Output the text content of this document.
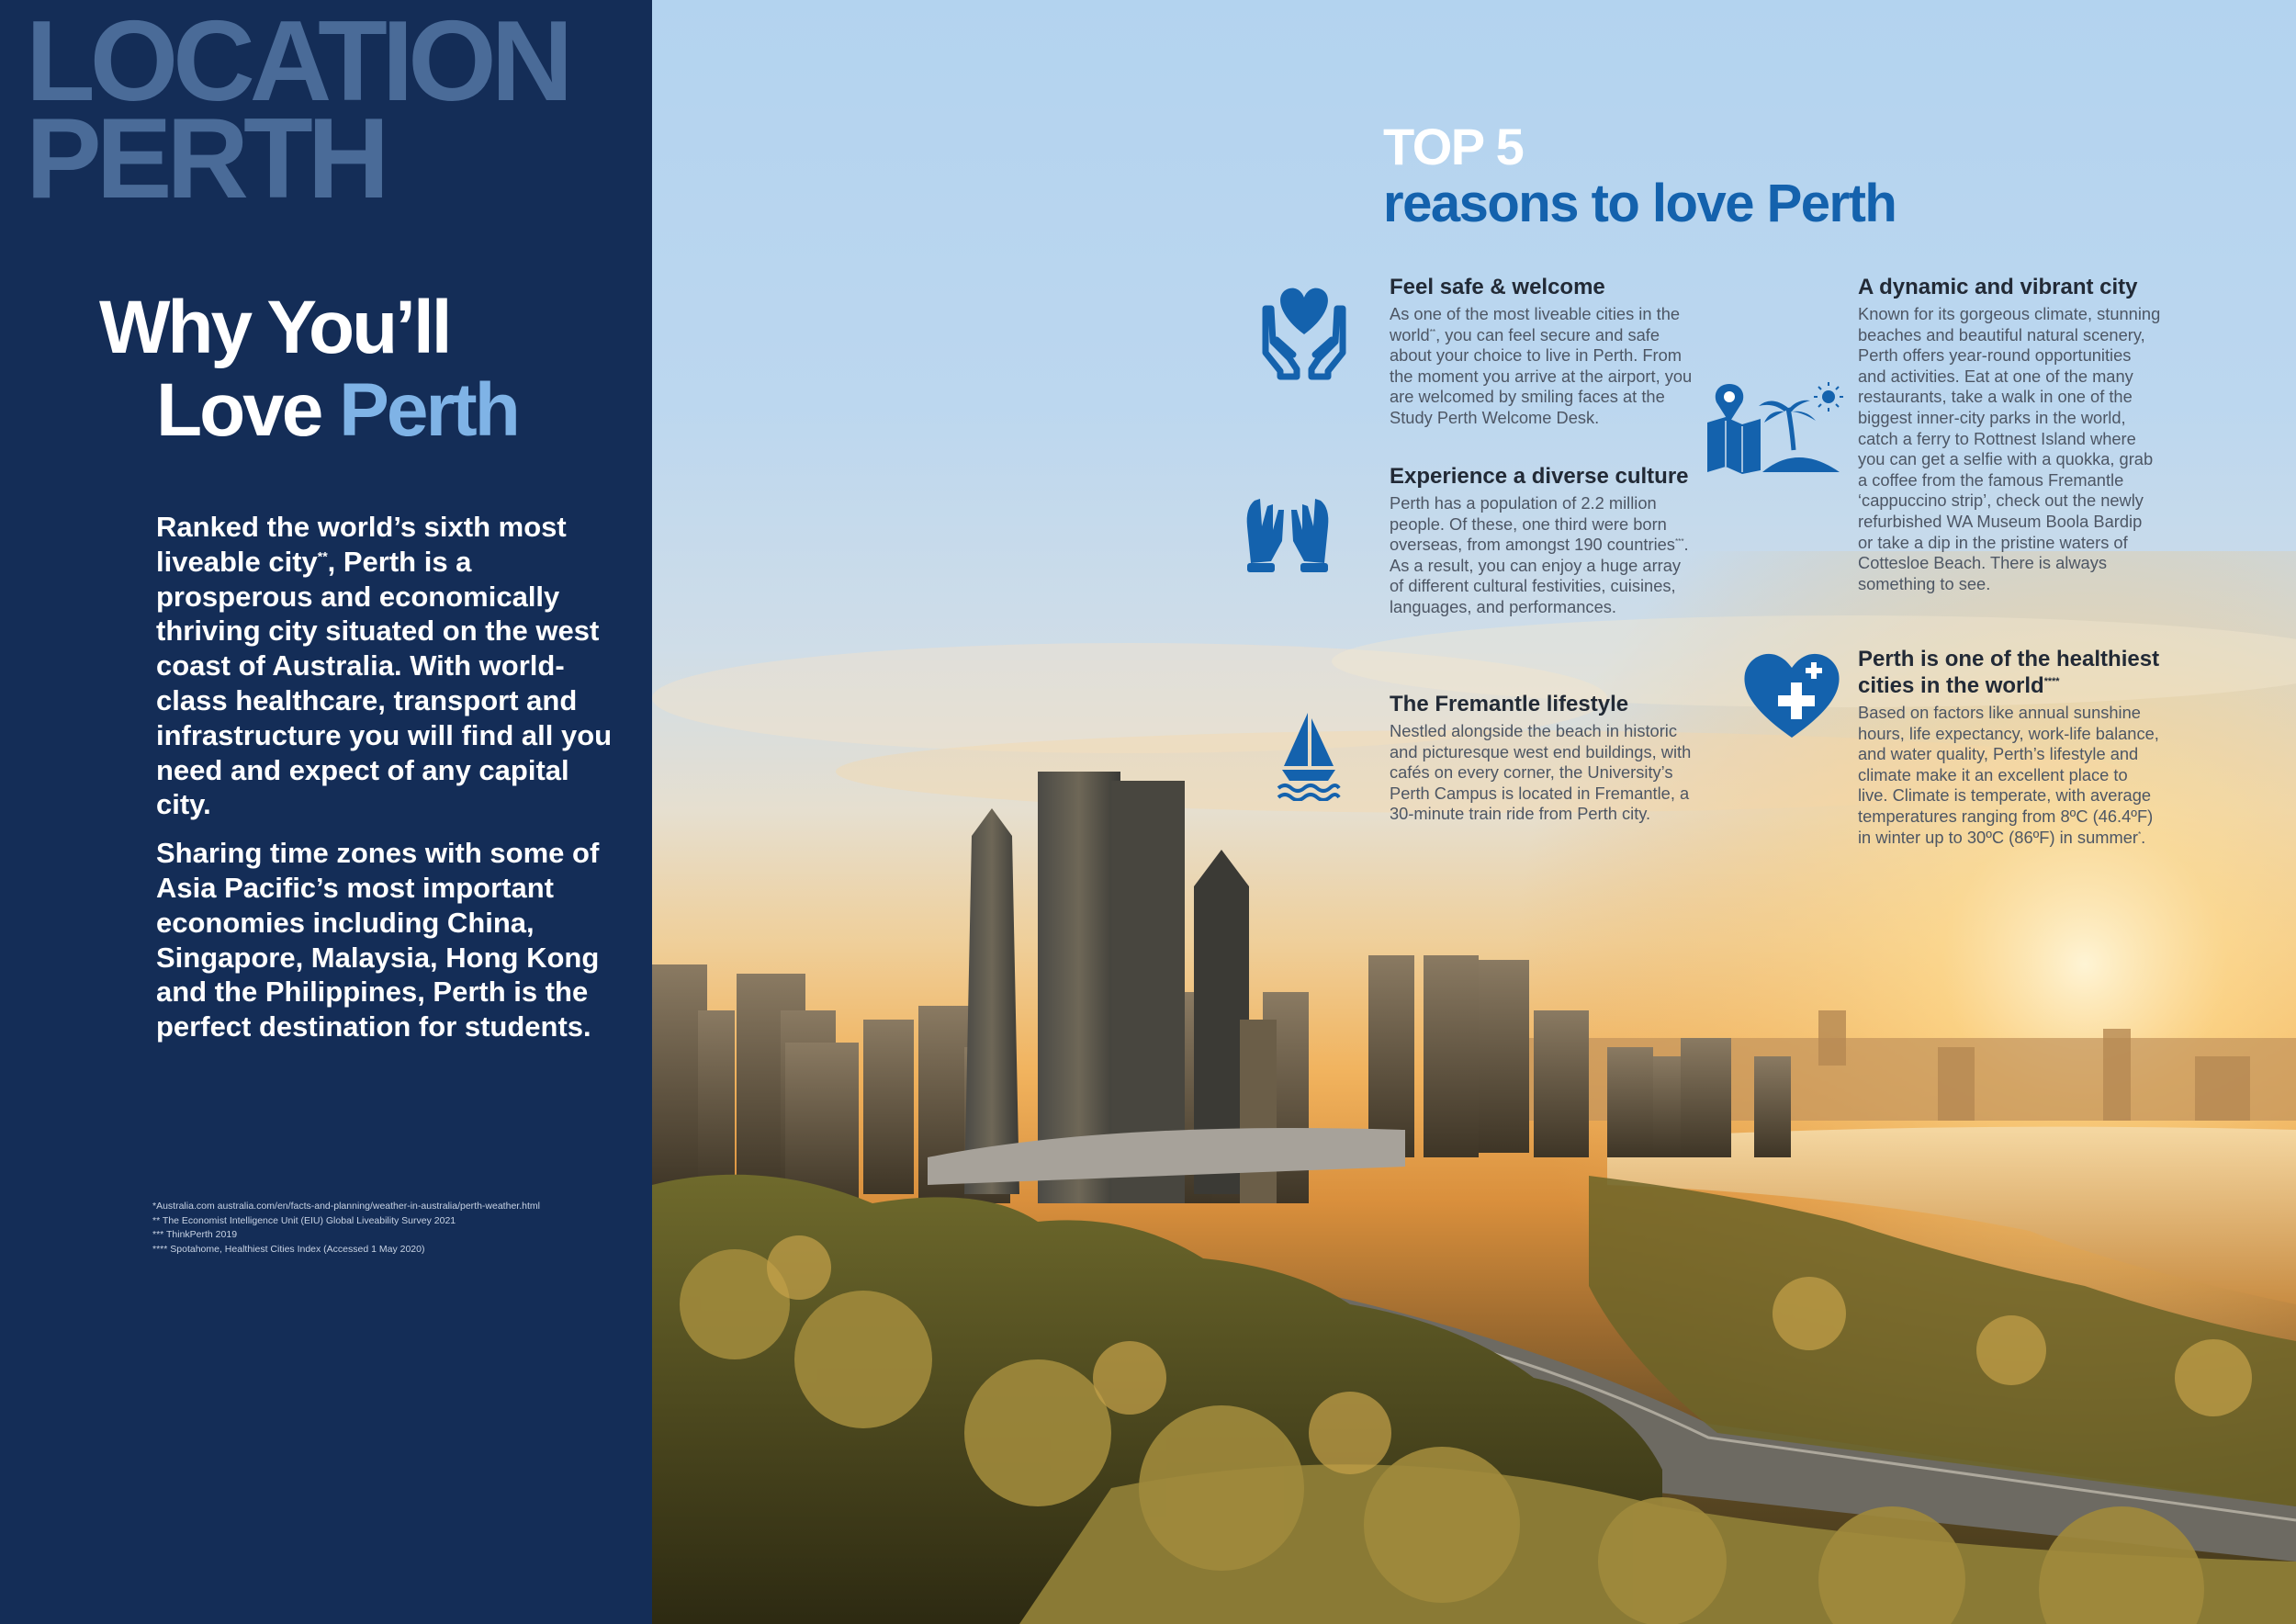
LOCATION
PERTH
Why You’ll
Love Perth

Ranked the world’s sixth most liveable city**, Perth is a prosperous and economically thriving city situated on the west coast of Australia. With world-class healthcare, transport and infrastructure you will find all you need and expect of any capital city.

Sharing time zones with some of Asia Pacific’s most important economies including China, Singapore, Malaysia, Hong Kong and the Philippines, Perth is the perfect destination for students.

*Australia.com australia.com/en/facts-and-planning/weather-in-australia/perth-weather.html
** The Economist Intelligence Unit (EIU) Global Liveability Survey 2021
*** ThinkPerth 2019
**** Spotahome, Healthiest Cities Index (Accessed 1 May 2020)
TOP 5
reasons to love Perth
Feel safe & welcome

As one of the most liveable cities in the world**, you can feel secure and safe about your choice to live in Perth. From the moment you arrive at the airport, you are welcomed by smiling faces at the Study Perth Welcome Desk.

Experience a diverse culture

Perth has a population of 2.2 million people. Of these, one third were born overseas, from amongst 190 countries***. As a result, you can enjoy a huge array of different cultural festivities, cuisines, languages, and performances.

The Fremantle lifestyle

Nestled alongside the beach in historic and picturesque west end buildings, with cafés on every corner, the University’s Perth Campus is located in Fremantle, a 30-minute train ride from Perth city.

A dynamic and vibrant city

Known for its gorgeous climate, stunning beaches and beautiful natural scenery, Perth offers year-round opportunities and activities. Eat at one of the many restaurants, take a walk in one of the biggest inner-city parks in the world, catch a ferry to Rottnest Island where you can get a selfie with a quokka, grab a coffee from the famous Fremantle ‘cappuccino strip’, check out the newly refurbished WA Museum Boola Bardip or take a dip in the pristine waters of Cottesloe Beach. There is always something to see.

Perth is one of the healthiest cities in the world****

Based on factors like annual sunshine hours, life expectancy, work-life balance, and water quality, Perth’s lifestyle and climate make it an excellent place to live. Climate is temperate, with average temperatures ranging from 8ºC (46.4ºF) in winter up to 30ºC (86ºF) in summer*.
